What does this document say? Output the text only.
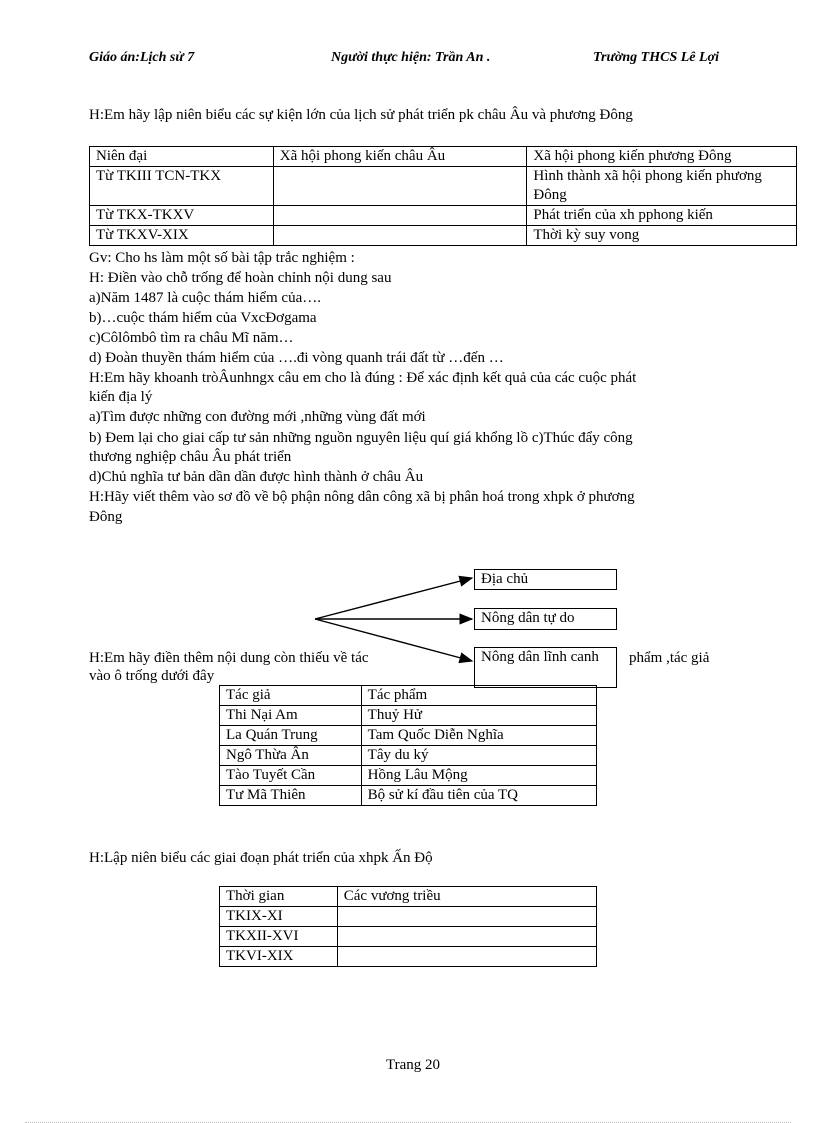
Giáo án:Lịch sử 7	Người thực hiện: Trần An .	Trường THCS Lê Lợi
H:Em hãy lập niên biểu các sự kiện lớn của lịch sử phát triển pk châu Âu và phương Đông
Niên đại	Xã hội phong kiến châu Âu	Xã hội phong kiến phương Đông
Từ TKIII TCN-TKX		Hình thành xã hội phong kiến phương Đông
Từ TKX-TKXV		Phát triển của xh pphong kiến
Từ TKXV-XIX		Thời kỳ suy vong
Gv: Cho hs làm một số bài tập trắc nghiệm :
H: Điền vào chỗ trống để hoàn chỉnh nội dung sau
a)Năm 1487 là cuộc thám hiểm của….
b)…cuộc thám hiểm của VxcĐơgama
c)Côlômbô tìm ra châu Mĩ năm…
d) Đoàn thuyền thám hiểm của ….đi vòng quanh trái đất từ …đến …
H:Em hãy khoanh tròÂunhngx câu em cho là đúng : Để xác định kết quả của các cuộc phát
kiến địa lý
a)Tìm được những con đường mới ,những vùng đất mới
b) Đem lại cho giai cấp tư sản những nguồn nguyên liệu quí giá khổng lồ c)Thúc đẩy công
thương nghiệp châu Âu phát triển
d)Chủ nghĩa tư bản dần dần được hình thành ở châu Âu
H:Hãy viết thêm vào sơ đồ về bộ phận nông dân công xã bị phân hoá trong xhpk ở phương
Đông
Địa chủ
Nông dân tự do
Nông dân lĩnh canh
H:Em hãy điền thêm nội dung còn thiếu về tác	phẩm ,tác giả
vào ô trống dưới đây
Tác giả	Tác phẩm
Thi Nại Am	Thuỷ Hử
La Quán Trung	Tam Quốc Diễn Nghĩa
Ngô Thừa Ân	Tây du ký
Tào Tuyết Cần	Hồng Lâu Mộng
Tư Mã Thiên	Bộ sử kí đầu tiên của TQ
H:Lập niên biểu các giai đoạn phát triển của xhpk Ấn Độ
Thời gian	Các vương triều
TKIX-XI	
TKXII-XVI	
TKVI-XIX	
Trang 20
